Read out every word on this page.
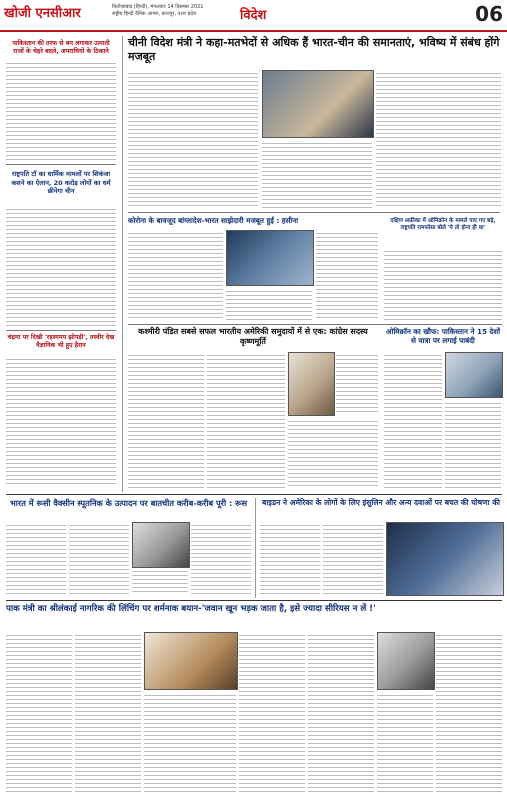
खोजी एनसीआर	फ़िरोज़ाबाद (हिन्दी), मंगलवार 14 दिसम्बर 2021
राष्ट्रीय हिन्दी दैनिक आगरा, कानपुर, उत्तर प्रदेश	विदेश	06
पाकिस्तान की तरफ से बम लगाकर उत्पाती राजों के चेहरे बदले, अपराधियों के ठिकाने
राष्ट्रपति टॉ का धार्मिक मामलों पर शिकंजा कसने का ऐलान, 20 करोड़ लोगों का धर्म छीनेगा चीन
चंद्रमा पर दिखी 'रहस्यमय झोपड़ी', तस्वीर देख वैज्ञानिक भी हुए हैरान
चीनी विदेश मंत्री ने कहा-मतभेदों से अधिक हैं भारत-चीन की समानताएं, भविष्य में संबंध होंगे मजबूत
कोरोना के बावजूद बांग्लादेश-भारत साझेदारी मजबूत हुई : हसीना	दक्षिण अफ्रीका में ओमिक्रोन के मामले पाए गए बढ़े, राष्ट्रपति रामफोसा बोले 'ये तो होना ही था'
कश्मीरी पंडित सबसे सफल भारतीय अमेरिकी समुदायों में से एक: कांग्रेस सदस्य कृष्णमूर्ति
ओमिक्रॉन का खौफ: पाकिस्तान ने 15 देशों से यात्रा पर लगाई पाबंदी
भारत में रूसी वैक्सीन स्पूतनिक के उत्पादन पर बातचीत करीब-करीब पूरी : रूस	बाइडन ने अमेरिका के लोगों के लिए इंसुलिन और अन्य दवाओं पर बचत की घोषणा की
पाक मंत्री का श्रीलंकाई नागरिक की लिंचिंग पर शर्मनाक बयान-'जवान खून भड़क जाता है, इसे ज्यादा सीरियस न लें !'
